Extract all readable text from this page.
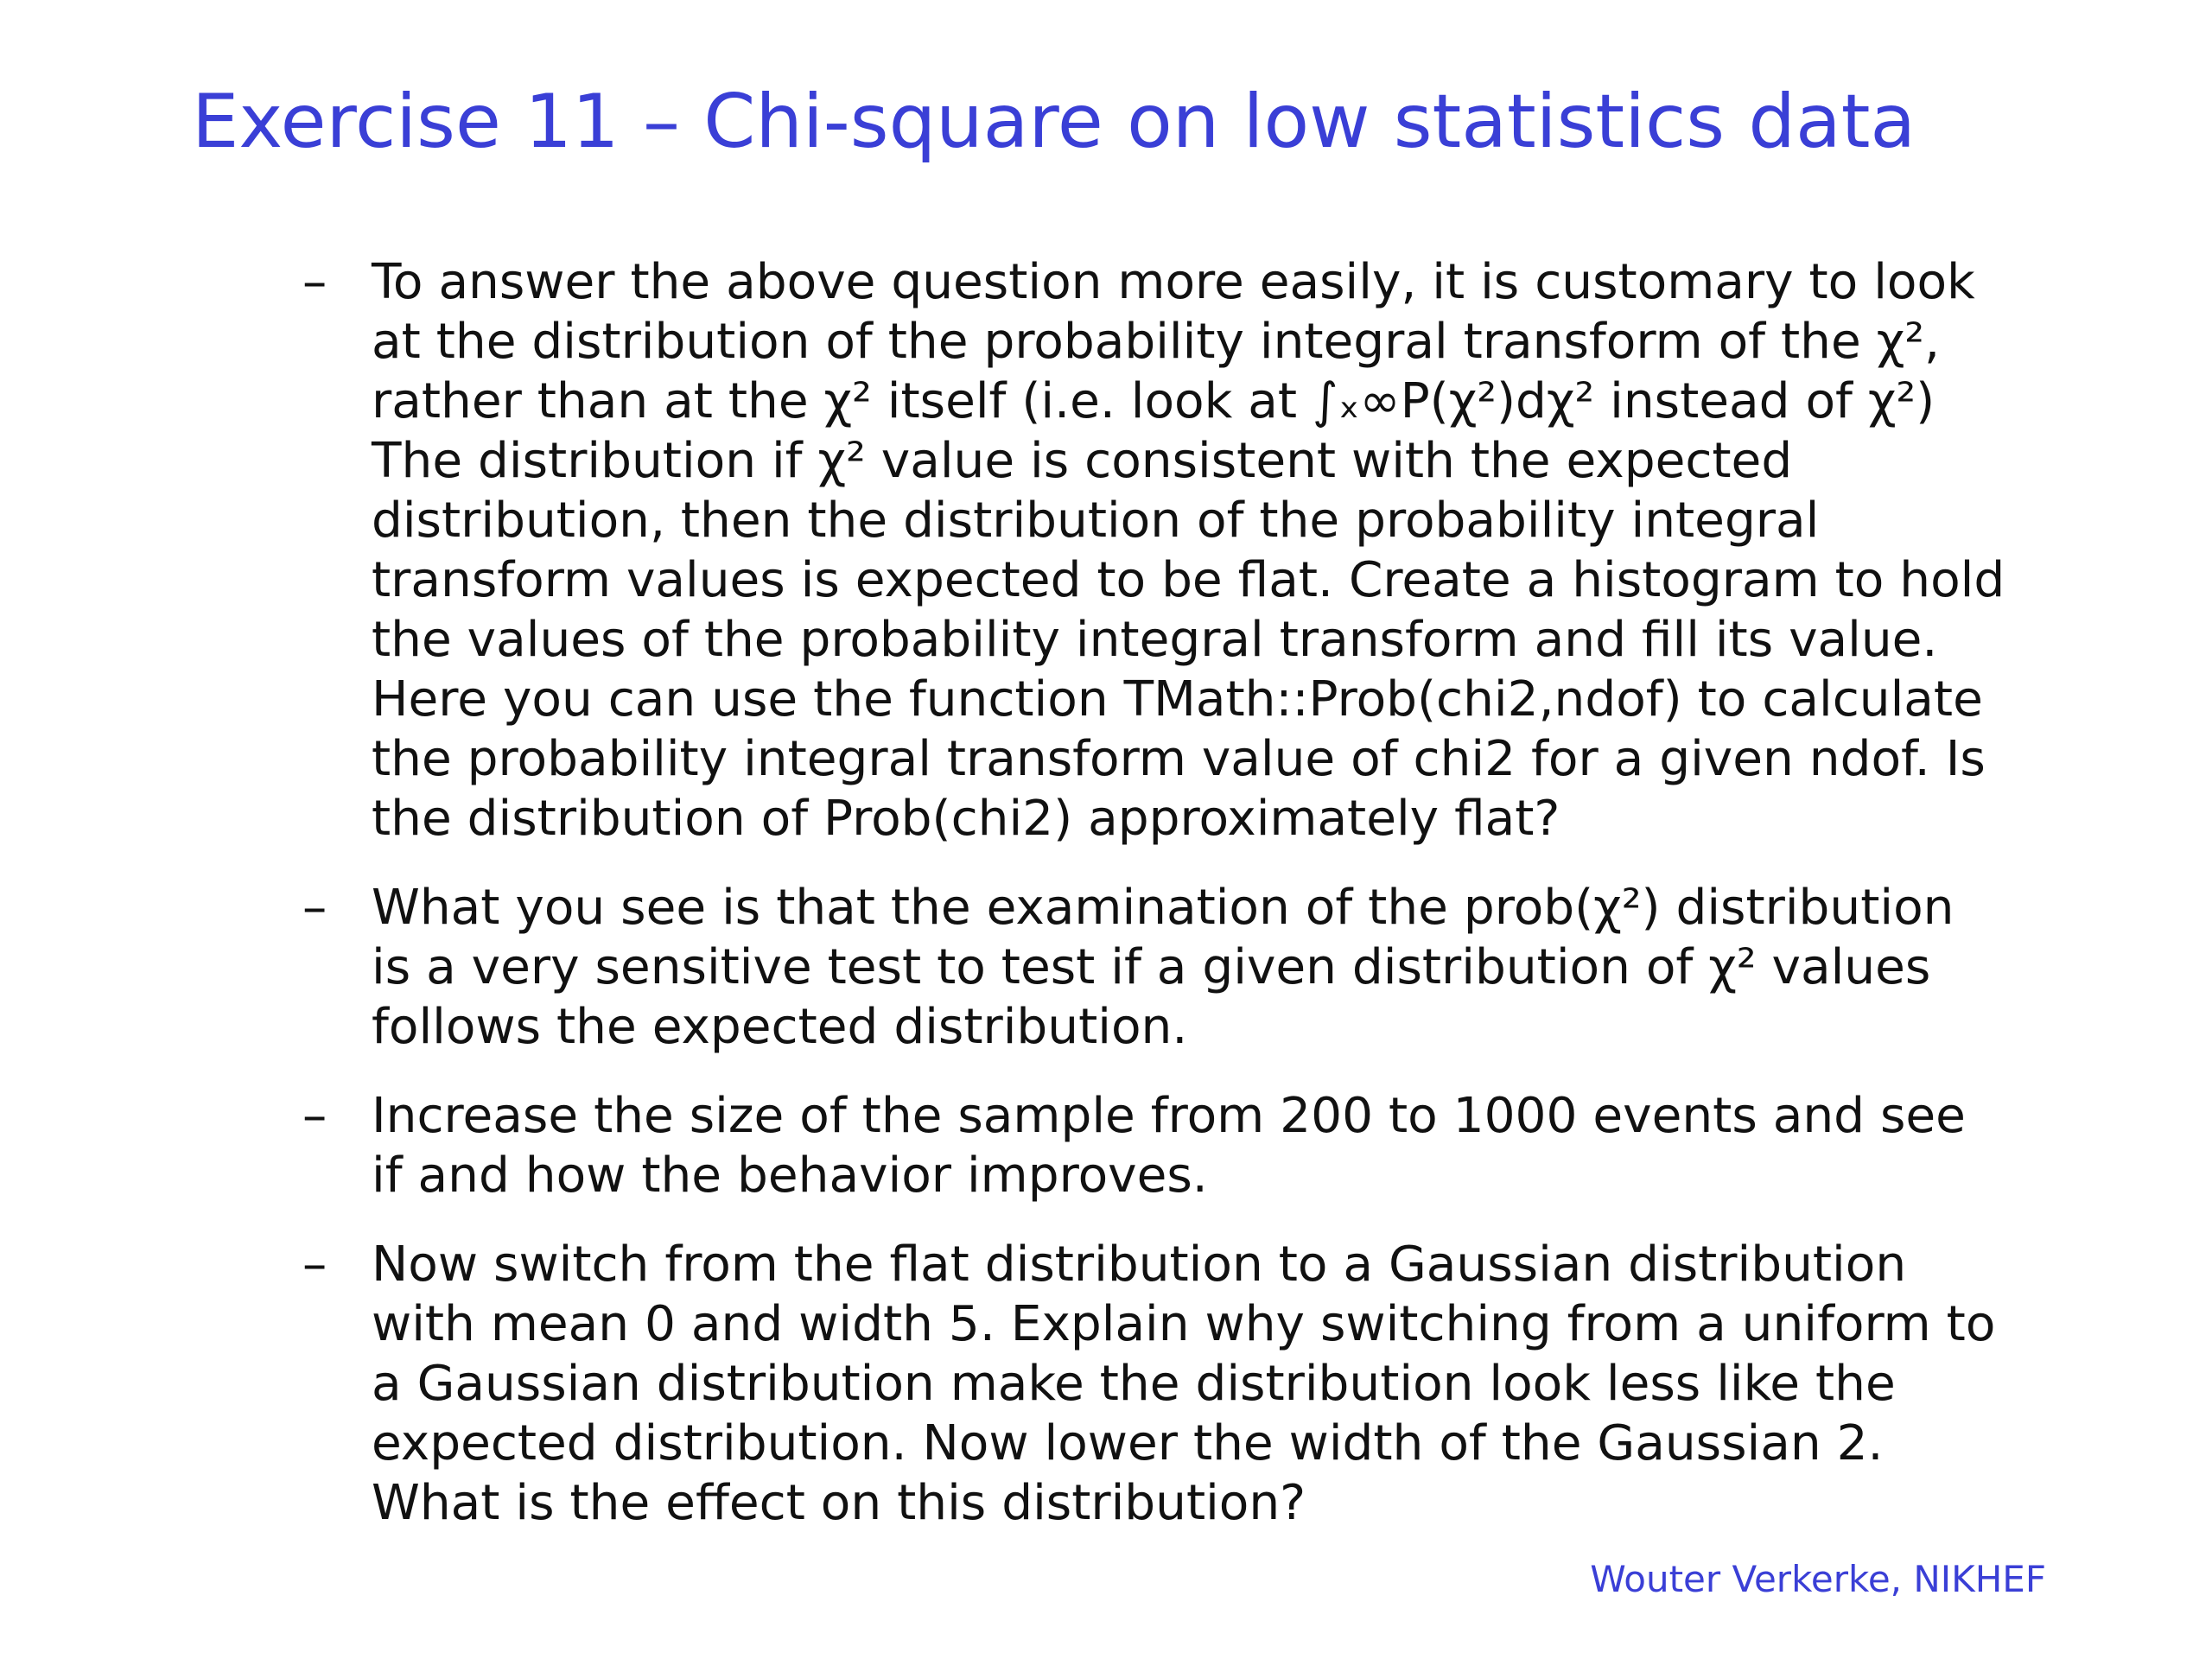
Exercise 11 – Chi-square on low statistics data
– To answer the above question more easily, it is customary to look
at the distribution of the probability integral transform of the χ²,
rather than at the χ² itself (i.e. look at ∫ₓ∞P(χ²)dχ² instead of χ²)
The distribution if χ² value is consistent with the expected
distribution, then the distribution of the probability integral
transform values is expected to be flat. Create a histogram to hold
the values of the probability integral transform and fill its value.
Here you can use the function TMath::Prob(chi2,ndof) to calculate
the probability integral transform value of chi2 for a given ndof. Is
the distribution of Prob(chi2) approximately flat?
– What you see is that the examination of the prob(χ²) distribution
is a very sensitive test to test if a given distribution of χ² values
follows the expected distribution.
– Increase the size of the sample from 200 to 1000 events and see
if and how the behavior improves.
– Now switch from the flat distribution to a Gaussian distribution
with mean 0 and width 5. Explain why switching from a uniform to
a Gaussian distribution make the distribution look less like the
expected distribution. Now lower the width of the Gaussian 2.
What is the effect on this distribution?
Wouter Verkerke, NIKHEF
